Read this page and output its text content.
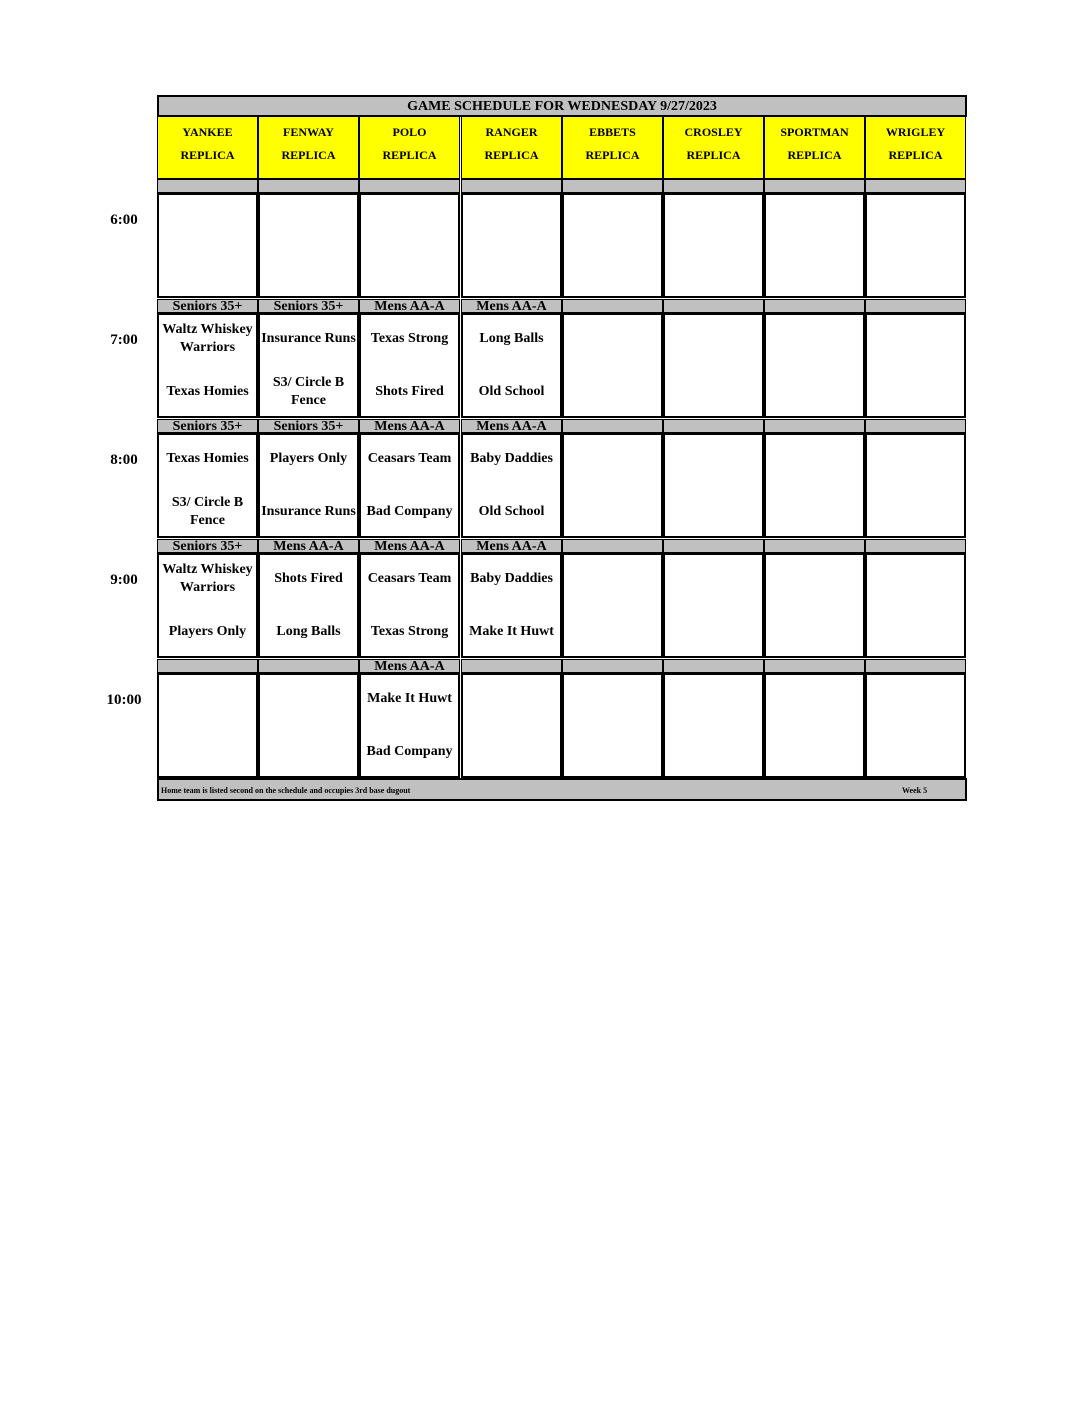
GAME SCHEDULE FOR WEDNESDAY 9/27/2023
YANKEE
REPLICA
FENWAY
REPLICA
POLO
REPLICA
RANGER
REPLICA
EBBETS
REPLICA
CROSLEY
REPLICA
SPORTMAN
REPLICA
WRIGLEY
REPLICA
6:00
7:00
Seniors 35+
Waltz Whiskey Warriors
Texas Homies
Seniors 35+
Insurance Runs
S3/ Circle B Fence
Mens AA-A
Texas Strong
Shots Fired
Mens AA-A
Long Balls
Old School
8:00
Seniors 35+
Texas Homies
S3/ Circle B Fence
Seniors 35+
Players Only
Insurance Runs
Mens AA-A
Ceasars Team
Bad Company
Mens AA-A
Baby Daddies
Old School
9:00
Seniors 35+
Waltz Whiskey Warriors
Players Only
Mens AA-A
Shots Fired
Long Balls
Mens AA-A
Ceasars Team
Texas Strong
Mens AA-A
Baby Daddies
Make It Huwt
10:00
Mens AA-A
Make It Huwt
Bad Company
Home team is listed second on the schedule and occupies 3rd base dugout	Week 5
